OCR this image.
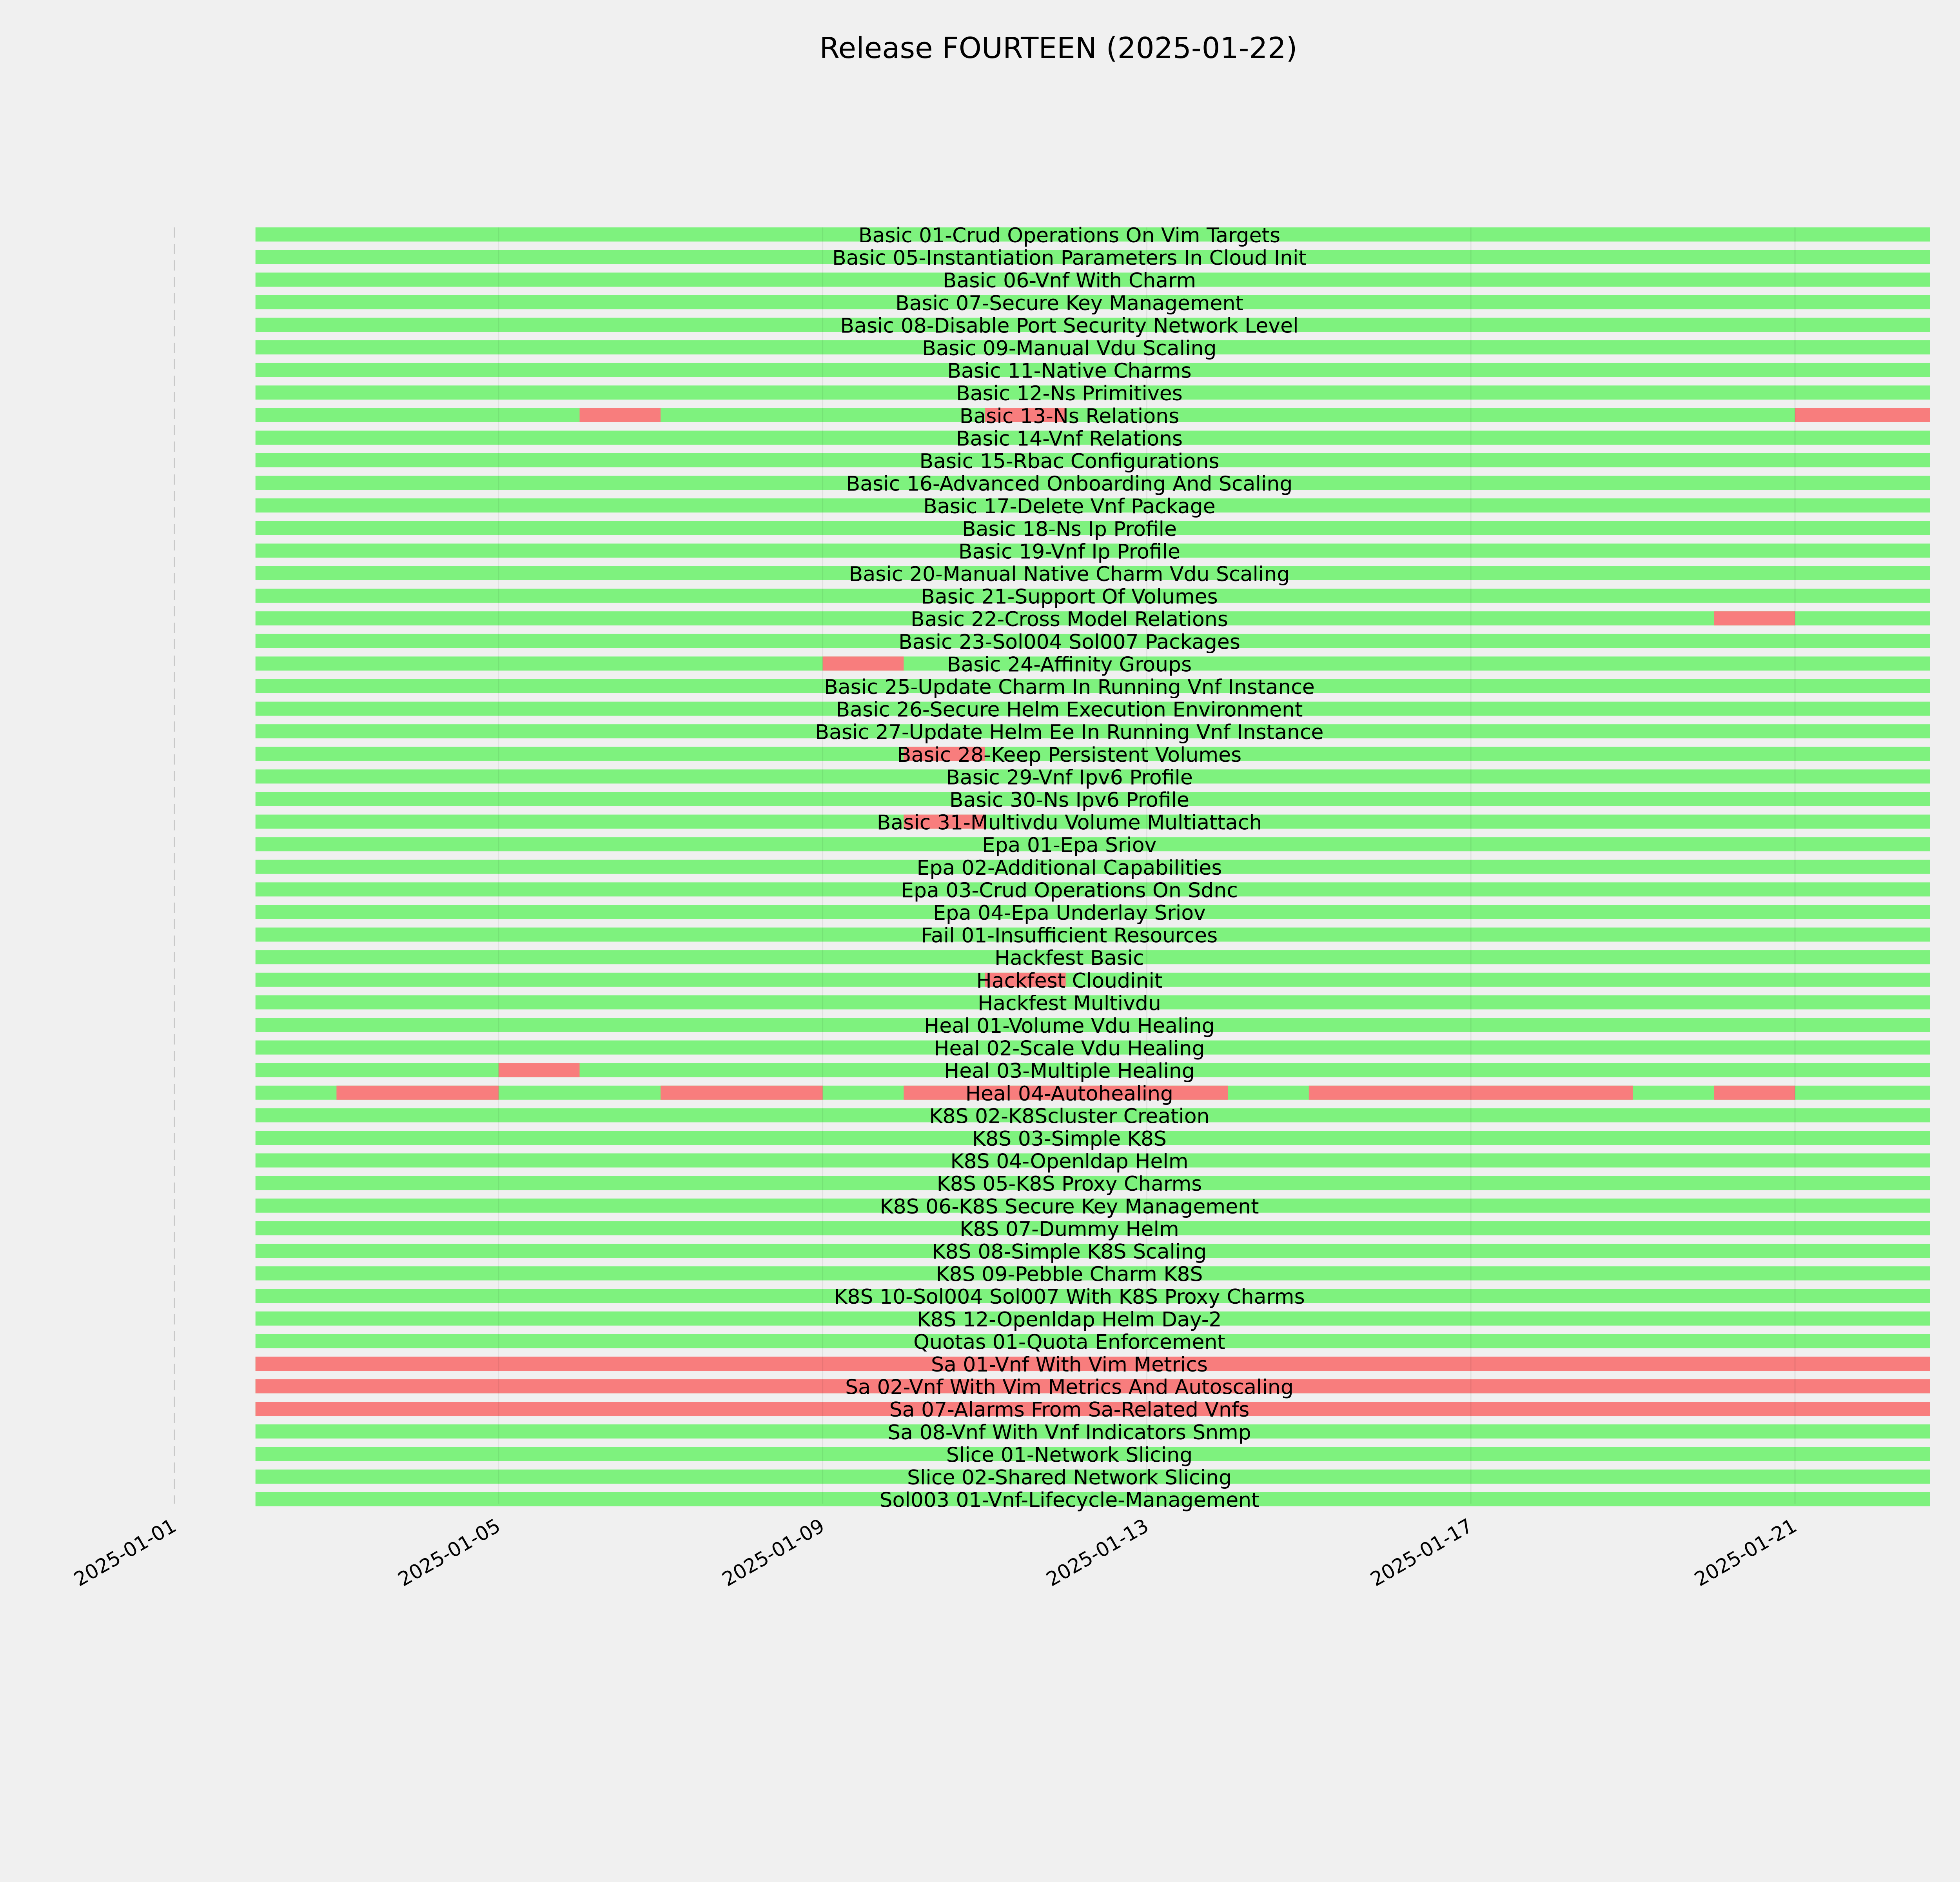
Release FOURTEEN (2025-01-22)
Basic 01-Crud Operations On Vim Targets
Basic 05-Instantiation Parameters In Cloud Init
Basic 06-Vnf With Charm
Basic 07-Secure Key Management
Basic 08-Disable Port Security Network Level
Basic 09-Manual Vdu Scaling
Basic 11-Native Charms
Basic 12-Ns Primitives
Basic 13-Ns Relations
Basic 14-Vnf Relations
Basic 15-Rbac Configurations
Basic 16-Advanced Onboarding And Scaling
Basic 17-Delete Vnf Package
Basic 18-Ns Ip Profile
Basic 19-Vnf Ip Profile
Basic 20-Manual Native Charm Vdu Scaling
Basic 21-Support Of Volumes
Basic 22-Cross Model Relations
Basic 23-Sol004 Sol007 Packages
Basic 24-Affinity Groups
Basic 25-Update Charm In Running Vnf Instance
Basic 26-Secure Helm Execution Environment
Basic 27-Update Helm Ee In Running Vnf Instance
Basic 28-Keep Persistent Volumes
Basic 29-Vnf Ipv6 Profile
Basic 30-Ns Ipv6 Profile
Basic 31-Multivdu Volume Multiattach
Epa 01-Epa Sriov
Epa 02-Additional Capabilities
Epa 03-Crud Operations On Sdnc
Epa 04-Epa Underlay Sriov
Fail 01-Insufficient Resources
Hackfest Basic
Hackfest Cloudinit
Hackfest Multivdu
Heal 01-Volume Vdu Healing
Heal 02-Scale Vdu Healing
Heal 03-Multiple Healing
Heal 04-Autohealing
K8S 02-K8Scluster Creation
K8S 03-Simple K8S
K8S 04-Openldap Helm
K8S 05-K8S Proxy Charms
K8S 06-K8S Secure Key Management
K8S 07-Dummy Helm
K8S 08-Simple K8S Scaling
K8S 09-Pebble Charm K8S
K8S 10-Sol004 Sol007 With K8S Proxy Charms
K8S 12-Openldap Helm Day-2
Quotas 01-Quota Enforcement
Sa 01-Vnf With Vim Metrics
Sa 02-Vnf With Vim Metrics And Autoscaling
Sa 07-Alarms From Sa-Related Vnfs
Sa 08-Vnf With Vnf Indicators Snmp
Slice 01-Network Slicing
Slice 02-Shared Network Slicing
Sol003 01-Vnf-Lifecycle-Management
2025-01-01	2025-01-05	2025-01-09	2025-01-13	2025-01-17	2025-01-21
